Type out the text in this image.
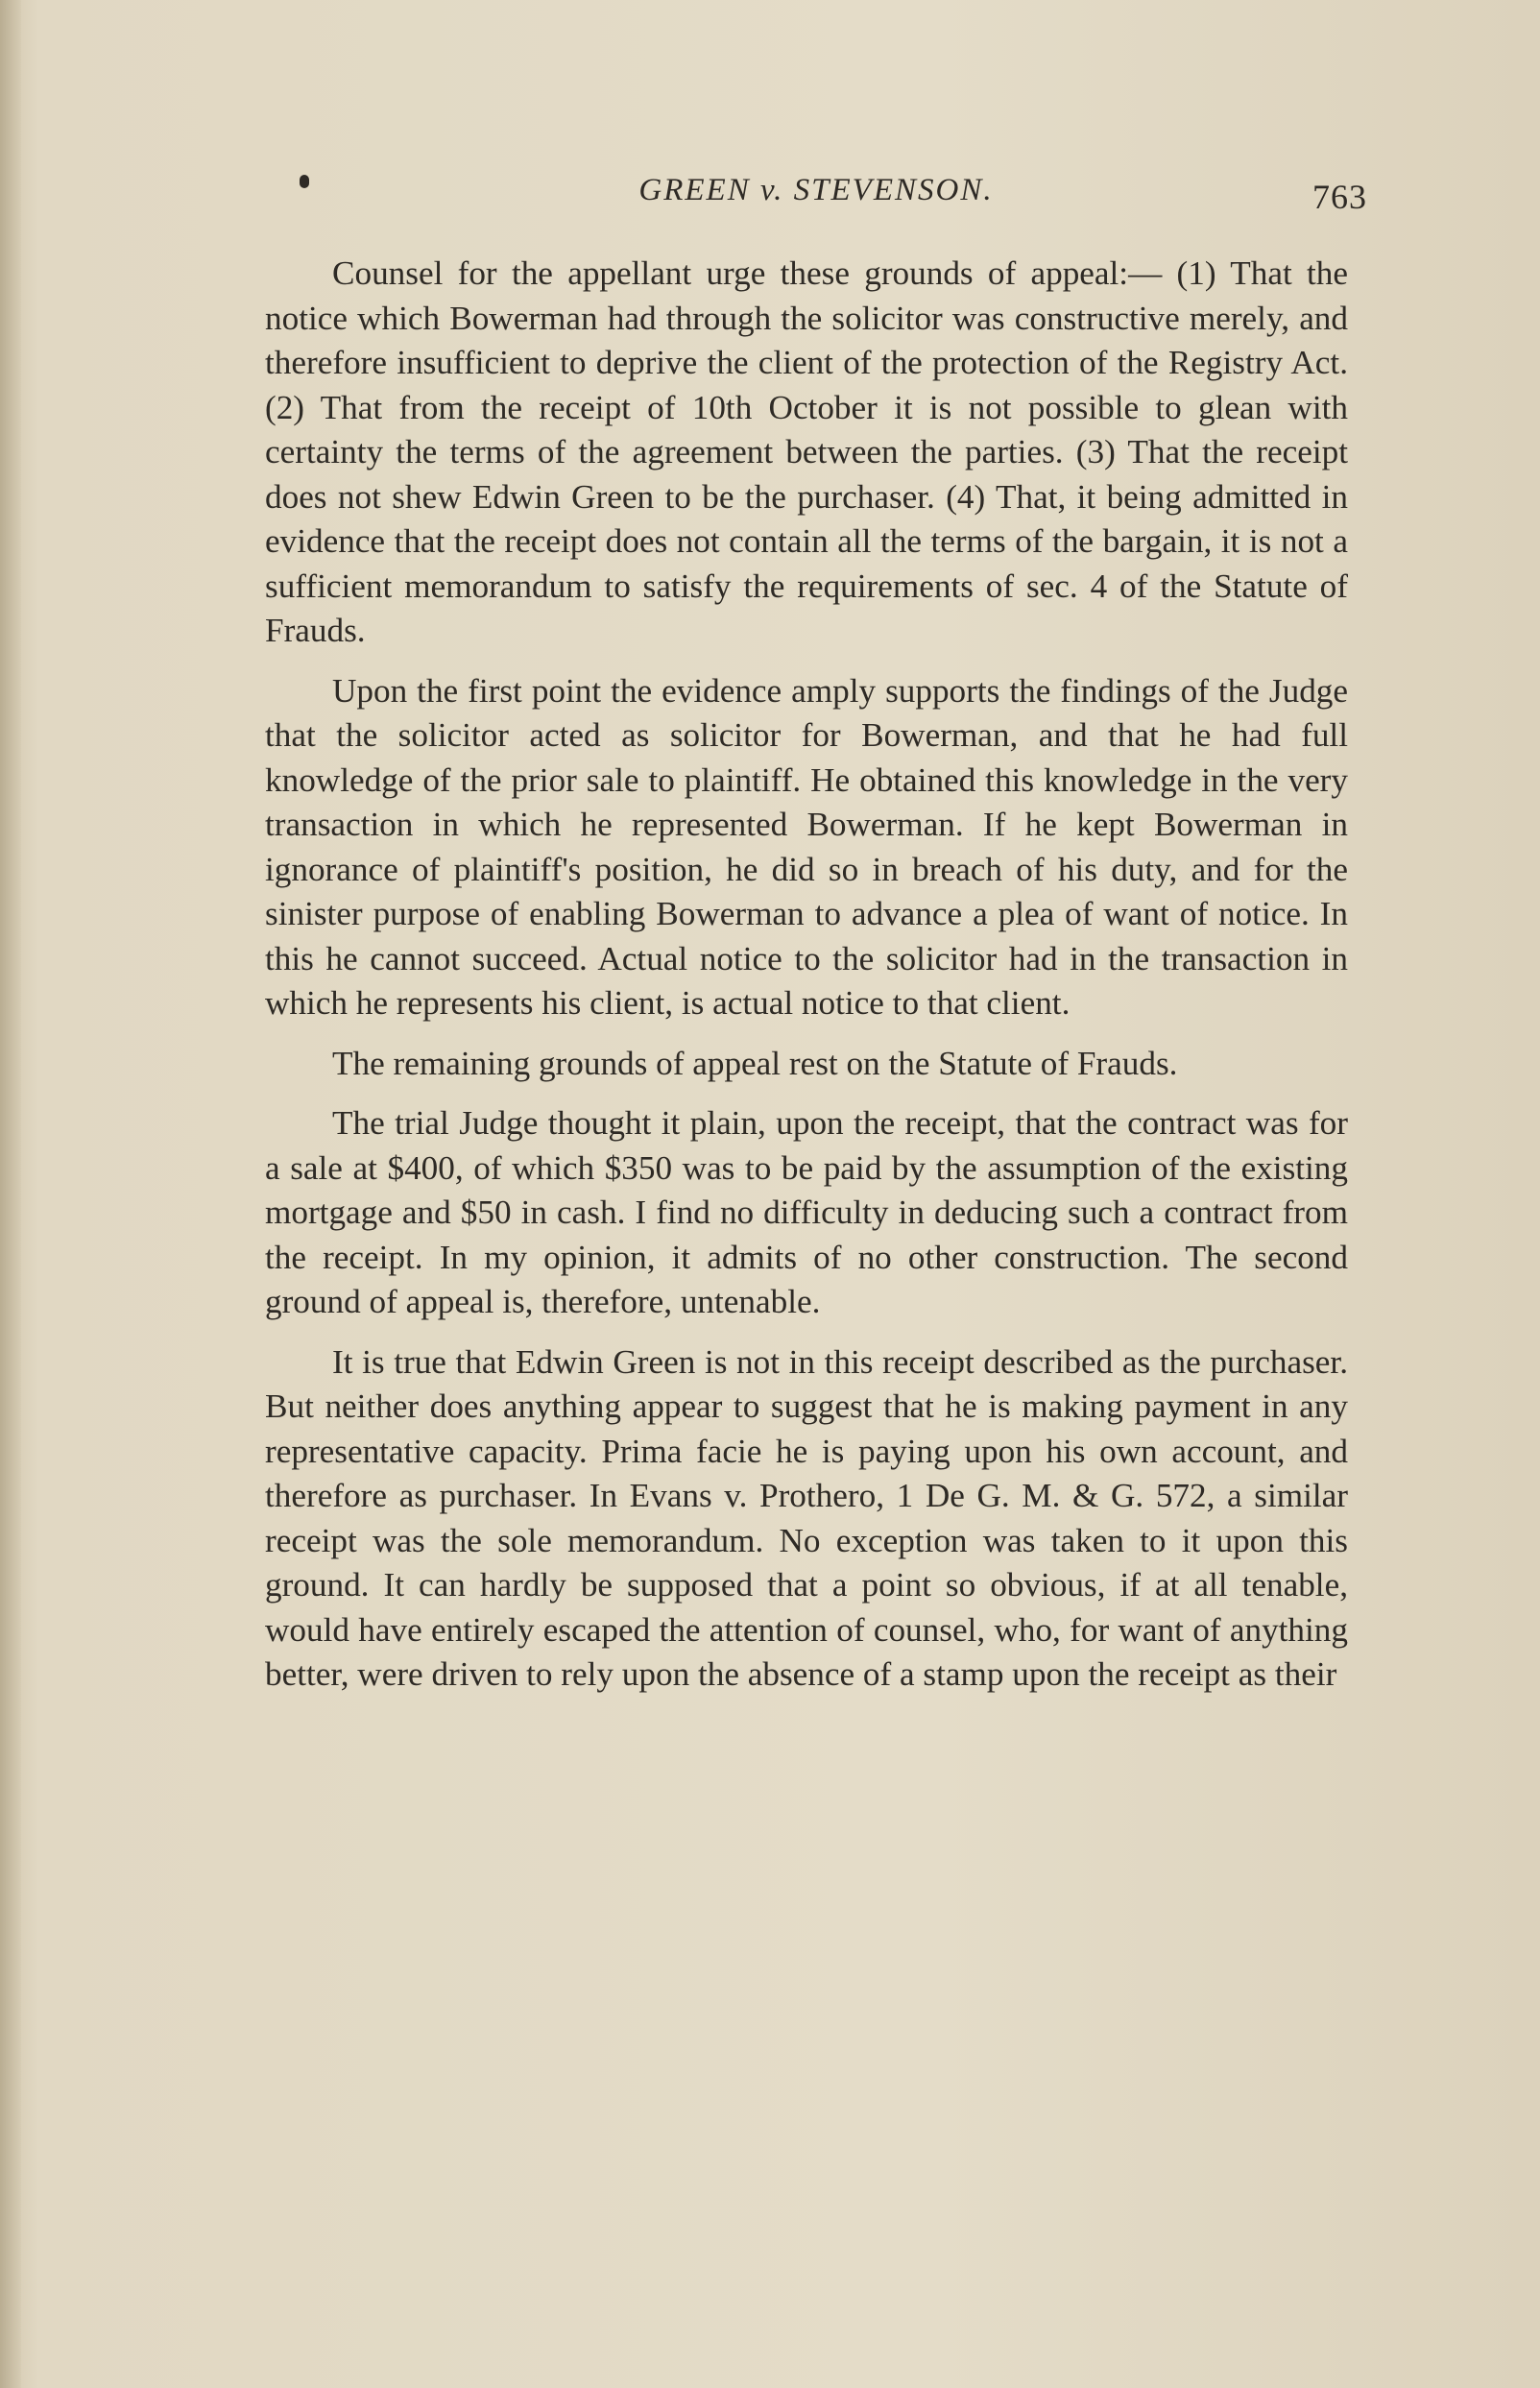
GREEN v. STEVENSON.	763

Counsel for the appellant urge these grounds of appeal:— (1) That the notice which Bowerman had through the solicitor was constructive merely, and therefore insufficient to deprive the client of the protection of the Registry Act. (2) That from the receipt of 10th October it is not possible to glean with certainty the terms of the agreement between the parties. (3) That the receipt does not shew Edwin Green to be the purchaser. (4) That, it being admitted in evidence that the receipt does not contain all the terms of the bargain, it is not a sufficient memorandum to satisfy the requirements of sec. 4 of the Statute of Frauds.

Upon the first point the evidence amply supports the findings of the Judge that the solicitor acted as solicitor for Bowerman, and that he had full knowledge of the prior sale to plaintiff. He obtained this knowledge in the very transaction in which he represented Bowerman. If he kept Bowerman in ignorance of plaintiff's position, he did so in breach of his duty, and for the sinister purpose of enabling Bowerman to advance a plea of want of notice. In this he cannot succeed. Actual notice to the solicitor had in the transaction in which he represents his client, is actual notice to that client.

The remaining grounds of appeal rest on the Statute of Frauds.

The trial Judge thought it plain, upon the receipt, that the contract was for a sale at $400, of which $350 was to be paid by the assumption of the existing mortgage and $50 in cash. I find no difficulty in deducing such a contract from the receipt. In my opinion, it admits of no other construction. The second ground of appeal is, therefore, untenable.

It is true that Edwin Green is not in this receipt described as the purchaser. But neither does anything appear to suggest that he is making payment in any representative capacity. Prima facie he is paying upon his own account, and therefore as purchaser. In Evans v. Prothero, 1 De G. M. & G. 572, a similar receipt was the sole memorandum. No exception was taken to it upon this ground. It can hardly be supposed that a point so obvious, if at all tenable, would have entirely escaped the attention of counsel, who, for want of anything better, were driven to rely upon the absence of a stamp upon the receipt as their
